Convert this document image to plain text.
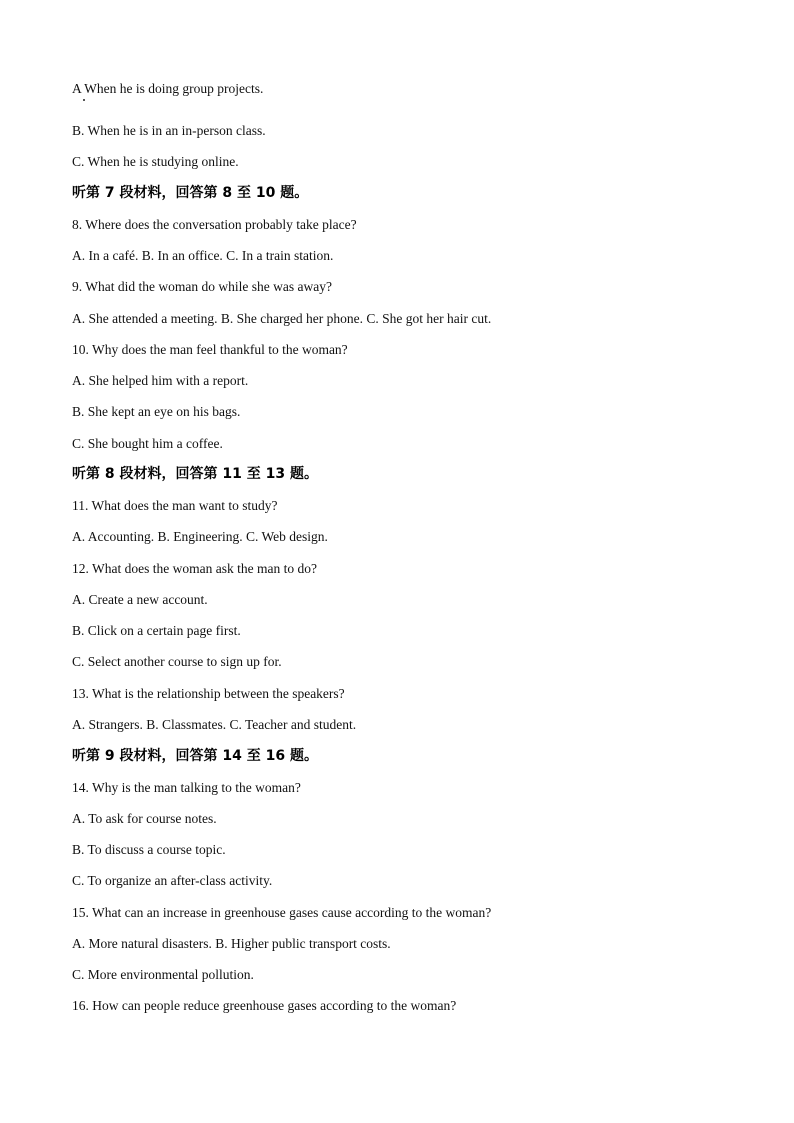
A When he is doing group projects.
B. When he is in an in-person class.
C. When he is studying online.
听第 7 段材料，回答第 8 至 10 题。
8. Where does the conversation probably take place?
A. In a café. B. In an office. C. In a train station.
9. What did the woman do while she was away?
A. She attended a meeting. B. She charged her phone. C. She got her hair cut.
10. Why does the man feel thankful to the woman?
A. She helped him with a report.
B. She kept an eye on his bags.
C. She bought him a coffee.
听第 8 段材料，回答第 11 至 13 题。
11. What does the man want to study?
A. Accounting. B. Engineering. C. Web design.
12. What does the woman ask the man to do?
A. Create a new account.
B. Click on a certain page first.
C. Select another course to sign up for.
13. What is the relationship between the speakers?
A. Strangers. B. Classmates. C. Teacher and student.
听第 9 段材料，回答第 14 至 16 题。
14. Why is the man talking to the woman?
A. To ask for course notes.
B. To discuss a course topic.
C. To organize an after-class activity.
15. What can an increase in greenhouse gases cause according to the woman?
A. More natural disasters. B. Higher public transport costs.
C. More environmental pollution.
16. How can people reduce greenhouse gases according to the woman?
